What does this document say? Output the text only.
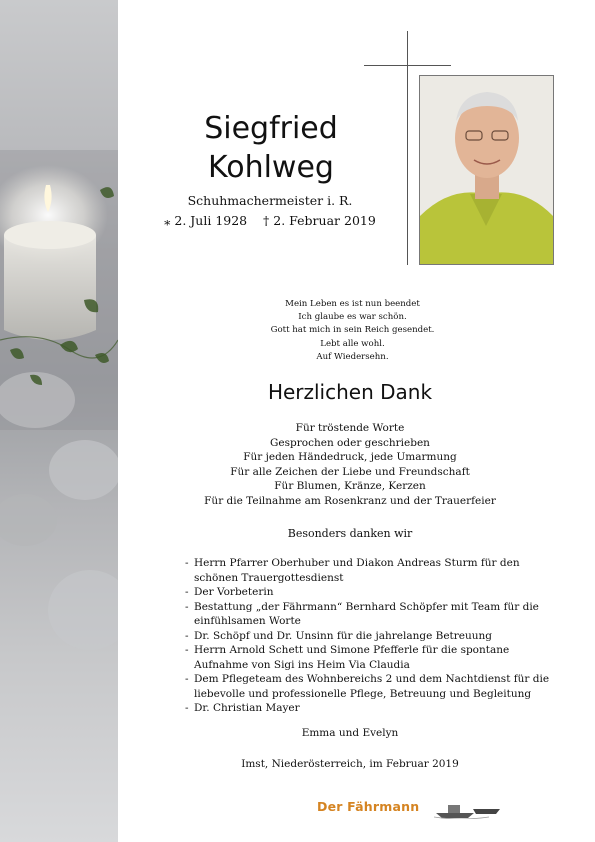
Siegfried
Kohlweg
Schuhmachermeister i. R.
⁎ 2. Juli 1928 † 2. Februar 2019
Mein Leben es ist nun beendet
Ich glaube es war schön.
Gott hat mich in sein Reich gesendet.
Lebt alle wohl.
Auf Wiedersehn.
Herzlichen Dank
Für tröstende Worte
Gesprochen oder geschrieben
Für jeden Händedruck, jede Umarmung
Für alle Zeichen der Liebe und Freundschaft
Für Blumen, Kränze, Kerzen
Für die Teilnahme am Rosenkranz und der Trauerfeier
Besonders danken wir
- Herrn Pfarrer Oberhuber und Diakon Andreas Sturm für den schönen Trauergottesdienst
- Der Vorbeterin
- Bestattung „der Fährmann“ Bernhard Schöpfer mit Team für die einfühlsamen Worte
- Dr. Schöpf und Dr. Unsinn für die jahrelange Betreuung
- Herrn Arnold Schett und Simone Pfefferle für die spontane Aufnahme von Sigi ins Heim Via Claudia
- Dem Pflegeteam des Wohnbereichs 2 und dem Nachtdienst für die liebevolle und professionelle Pflege, Betreuung und Begleitung
- Dr. Christian Mayer
Emma und Evelyn
Imst, Niederösterreich, im Februar 2019
Der Fährmann
